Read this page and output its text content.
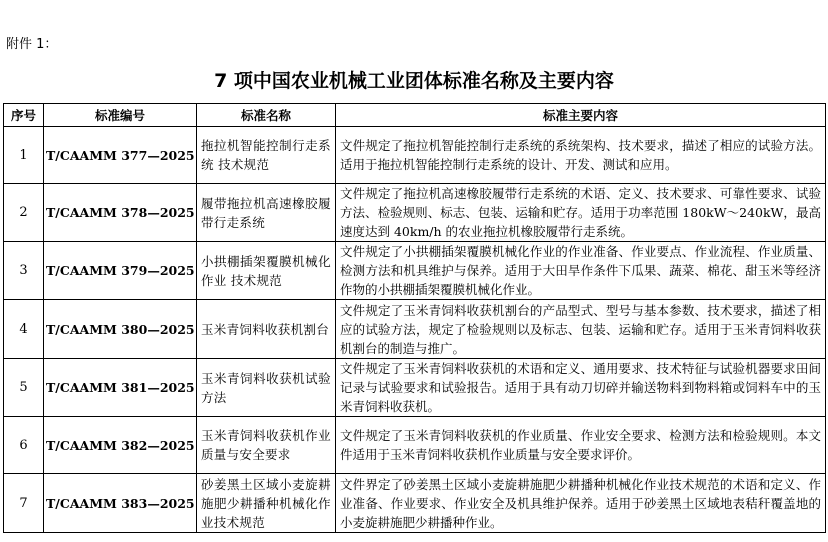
附件 1：
7 项中国农业机械工业团体标准名称及主要内容
序号	标准编号	标准名称	标准主要内容
1	T/CAAMM 377—2025	拖拉机智能控制行走系统 技术规范	文件规定了拖拉机智能控制行走系统的系统架构、技术要求，描述了相应的试验方法。适用于拖拉机智能控制行走系统的设计、开发、测试和应用。
2	T/CAAMM 378—2025	履带拖拉机高速橡胶履带行走系统	文件规定了拖拉机高速橡胶履带行走系统的术语、定义、技术要求、可靠性要求、试验方法、检验规则、标志、包装、运输和贮存。适用于功率范围 180kW～240kW，最高速度达到 40km/h 的农业拖拉机橡胶履带行走系统。
3	T/CAAMM 379—2025	小拱棚插架覆膜机械化作业 技术规范	文件规定了小拱棚插架覆膜机械化作业的作业准备、作业要点、作业流程、作业质量、检测方法和机具维护与保养。适用于大田旱作条件下瓜果、蔬菜、棉花、甜玉米等经济作物的小拱棚插架覆膜机械化作业。
4	T/CAAMM 380—2025	玉米青饲料收获机割台	文件规定了玉米青饲料收获机割台的产品型式、型号与基本参数、技术要求，描述了相应的试验方法，规定了检验规则以及标志、包装、运输和贮存。适用于玉米青饲料收获机割台的制造与推广。
5	T/CAAMM 381—2025	玉米青饲料收获机试验方法	文件规定了玉米青饲料收获机的术语和定义、通用要求、技术特征与试验机器要求田间记录与试验要求和试验报告。适用于具有动刀切碎并输送物料到物料箱或饲料车中的玉米青饲料收获机。
6	T/CAAMM 382—2025	玉米青饲料收获机作业质量与安全要求	文件规定了玉米青饲料收获机的作业质量、作业安全要求、检测方法和检验规则。本文件适用于玉米青饲料收获机作业质量与安全要求评价。
7	T/CAAMM 383—2025	砂姜黑土区域小麦旋耕施肥少耕播种机械化作业技术规范	文件界定了砂姜黑土区域小麦旋耕施肥少耕播种机械化作业技术规范的术语和定义、作业准备、作业要求、作业安全及机具维护保养。适用于砂姜黑土区域地表秸秆覆盖地的小麦旋耕施肥少耕播种作业。
